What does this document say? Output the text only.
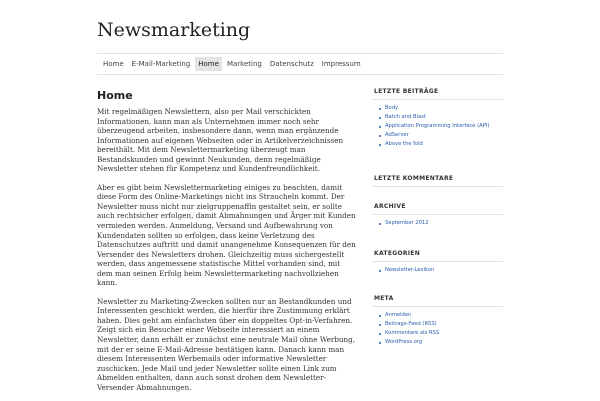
Newsmarketing
Home	E-Mail-Marketing	Home	Marketing	Datenschutz	Impressum
Home

Mit regelmäßigen Newslettern, also per Mail verschickten Informationen, kann man als Unternehmen immer noch sehr überzeugend arbeiten, insbesondere dann, wenn man ergänzende Informationen auf eigenen Webseiten oder in Artikelverzeichnissen bereithält. Mit dem Newslettermarketing überzeugt man Bestandskunden und gewinnt Neukunden, denn regelmäßige Newsletter stehen für Kompetenz und Kundenfreundlichkeit.

Aber es gibt beim Newslettermarketing einiges zu beachten, damit diese Form des Online-Marketings nicht ins Straucheln kommt. Der Newsletter muss nicht nur zielgruppenaffin gestaltet sein, er sollte auch rechtsicher erfolgen, damit Abmahnungen und Ärger mit Kunden vermieden werden. Anmeldung, Versand und Aufbewahrung von Kundendaten sollten so erfolgen, dass keine Verletzung des Datenschutzes auftritt und damit unangenehme Konsequenzen für den Versender des Newsletters drohen. Gleichzeitig muss sichergestellt werden, dass angemessene statistische Mittel vorhanden sind, mit dem man seinen Erfolg beim Newslettermarketing nachvollziehen kann.

Newsletter zu Marketing-Zwecken sollten nur an Bestandkunden und Interessenten geschickt werden, die hierfür ihre Zustimmung erklärt haben. Dies geht am einfachsten über ein doppeltes Opt-in-Verfahren. Zeigt sich ein Besucher einer Webseite interessiert an einem Newsletter, dann erhält er zunächst eine neutrale Mail ohne Werbung, mit der er seine E-Mail-Adresse bestätigen kann. Danach kann man diesem Interessenten Werbemails oder informative Newsletter zuschicken. Jede Mail und jeder Newsletter sollte einen Link zum Abmelden enthalten, dann auch sonst drohen dem Newsletter-Versender Abmahnungen.

LETZTE BEITRÄGE
Body
Batch and Blast
Application Programming Interface (API)
AdServer
Above the fold
LETZTE KOMMENTARE
ARCHIVE
September 2012
KATEGORIEN
Newsletter-Lexikon
META
Anmelden
Beitrags-Feed (RSS)
Kommentare als RSS
WordPress.org
